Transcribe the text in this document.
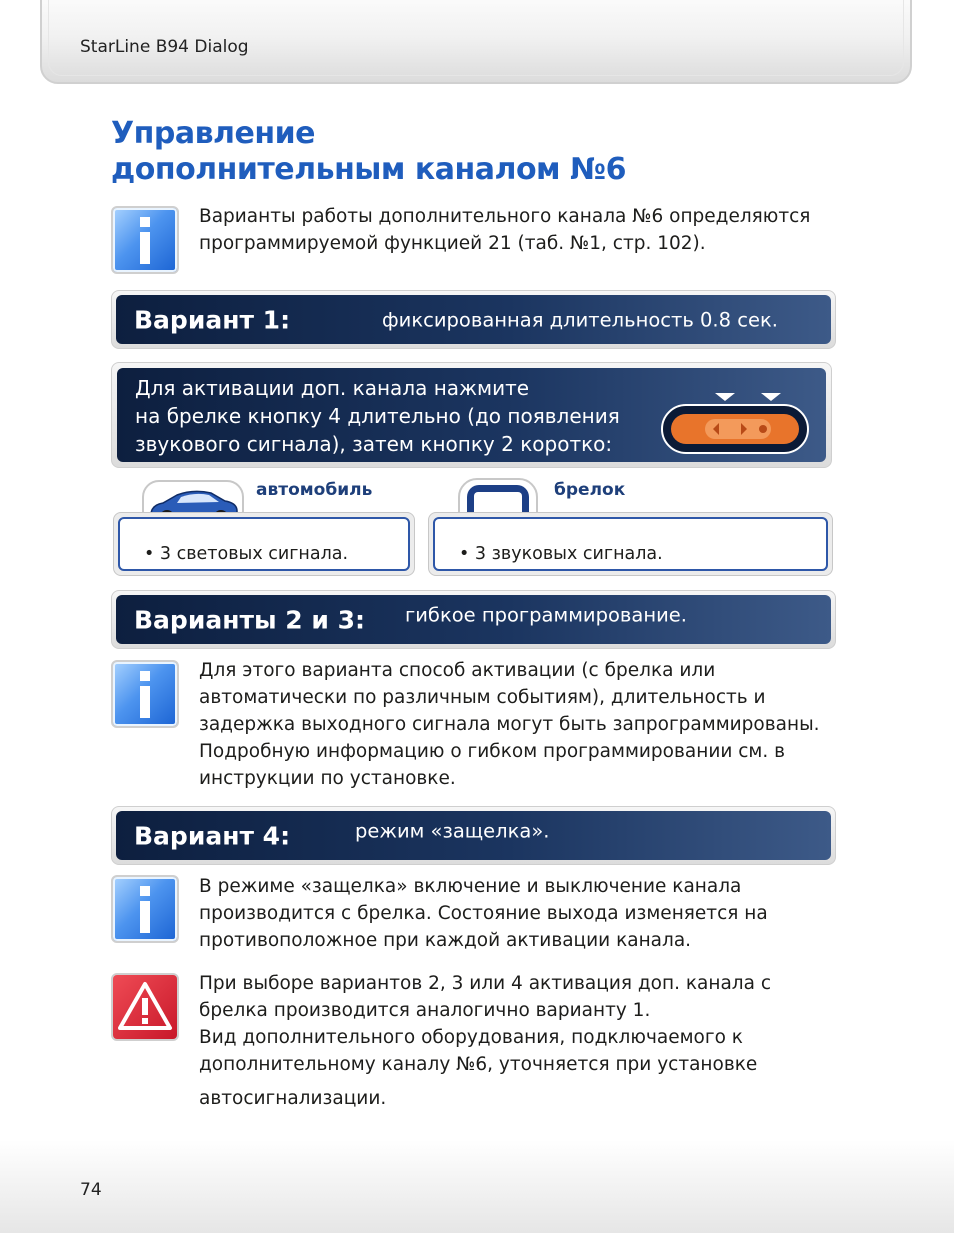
StarLine B94 Dialog
Управление
дополнительным каналом №6
Варианты работы дополнительного канала №6 определяются
программируемой функцией 21 (таб. №1, стр. 102).
Вариант 1:	фиксированная длительность 0.8 сек.
Для активации доп. канала нажмите
на брелке кнопку 4 длительно (до появления
звукового сигнала), затем кнопку 2 коротко:
автомобиль	брелок
• 3 световых сигнала.	• 3 звуковых сигнала.
Варианты 2 и 3: гибкое программирование.
Для этого варианта способ активации (с брелка или
автоматически по различным событиям), длительность и
задержка выходного сигнала могут быть запрограммированы.
Подробную информацию о гибком программировании см. в
инструкции по установке.
Вариант 4:	режим «защелка».
В режиме «защелка» включение и выключение канала
производится с брелка. Состояние выхода изменяется на
противоположное при каждой активации канала.
При выборе вариантов 2, 3 или 4 активация доп. канала с
брелка производится аналогично варианту 1.
Вид дополнительного оборудования, подключаемого к
дополнительному каналу №6, уточняется при установке
автосигнализации.
74
